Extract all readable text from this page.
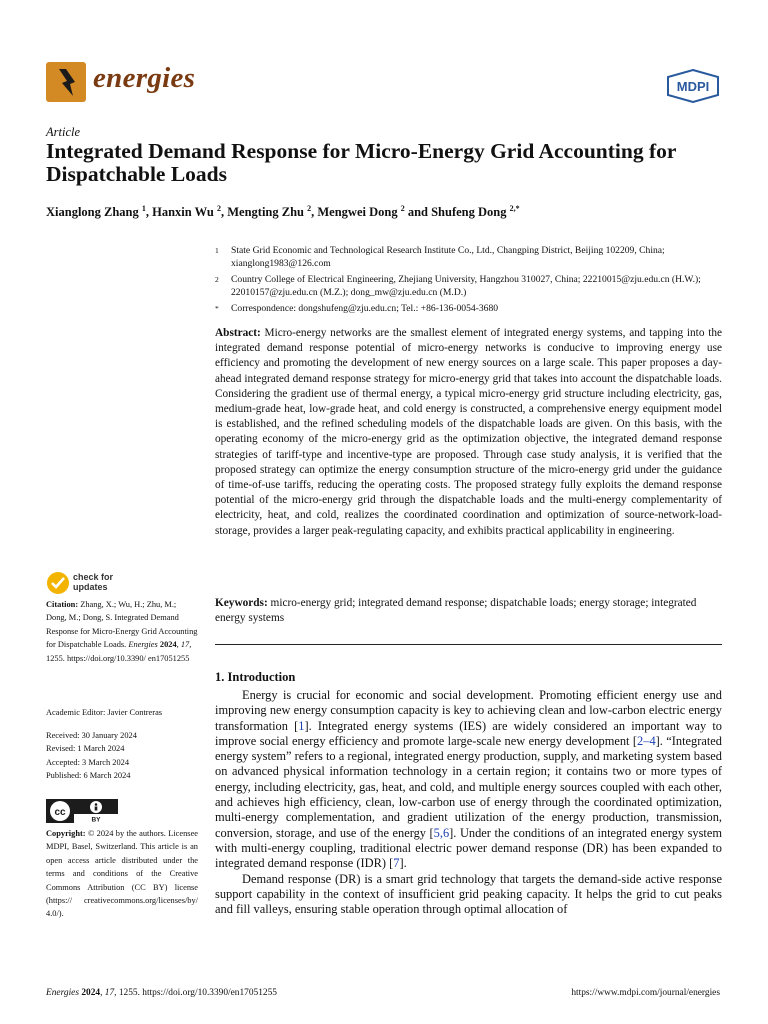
energies	MDPI
Article
Integrated Demand Response for Micro-Energy Grid Accounting for Dispatchable Loads
Xianglong Zhang $^1$, Hanxin Wu $^2$, Mengting Zhu $^2$, Mengwei Dong $^2$ and Shufeng Dong $^{2,*}$
1	State Grid Economic and Technological Research Institute Co., Ltd., Changping District, Beijing 102209, China; xianglong1983@126.com
2	Country College of Electrical Engineering, Zhejiang University, Hangzhou 310027, China; 22210015@zju.edu.cn (H.W.); 22010157@zju.edu.cn (M.Z.); dong_mw@zju.edu.cn (M.D.)
*	Correspondence: dongshufeng@zju.edu.cn; Tel.: +86-136-0054-3680
Abstract: Micro-energy networks are the smallest element of integrated energy systems, and tapping into the integrated demand response potential of micro-energy networks is conducive to improving energy use efficiency and promoting the development of new energy sources on a large scale. This paper proposes a day-ahead integrated demand response strategy for micro-energy grid that takes into account the dispatchable loads. Considering the gradient use of thermal energy, a typical micro-energy grid structure including electricity, gas, medium-grade heat, low-grade heat, and cold energy is constructed, a comprehensive energy equipment model is established, and the refined scheduling models of the dispatchable loads are given. On this basis, with the operating economy of the micro-energy grid as the optimization objective, the integrated demand response strategies of tariff-type and incentive-type are proposed. Through case study analysis, it is verified that the proposed strategy can optimize the energy consumption structure of the micro-energy grid under the guidance of time-of-use tariffs, reducing the operating costs. The proposed strategy fully exploits the demand response potential of the micro-energy grid through the dispatchable loads and the multi-energy complementarity of electricity, heat, and cold, realizes the coordinated coordination and optimization of source-network-load-storage, provides a larger peak-regulating capacity, and exhibits practical applicability in engineering.
Keywords: micro-energy grid; integrated demand response; dispatchable loads; energy storage; integrated energy systems
1. Introduction

Energy is crucial for economic and social development. Promoting efficient energy use and improving new energy consumption capacity is key to achieving clean and low-carbon electric energy transformation [1]. Integrated energy systems (IES) are widely considered an important way to improve social energy efficiency and promote large-scale new energy development [2–4]. “Integrated energy system” refers to a regional, integrated energy production, supply, and marketing system based on advanced physical information technology in a certain region; it contains two or more types of energy, including electricity, gas, heat, and cold, and multiple energy sources coupled with each other, and achieves high efficiency, clean, low-carbon use of energy through the coordinated optimization, multi-energy complementation, and gradient utilization of the energy production, transmission, conversion, storage, and use of the energy [5,6]. Under the conditions of an integrated energy system with multi-energy coupling, traditional electric power demand response (DR) has been expanded to integrated demand response (IDR) [7].

Demand response (DR) is a smart grid technology that targets the demand-side active response support capability in the context of insufficient grid peaking capacity. It helps the grid to cut peaks and fill valleys, ensuring stable operation through optimal allocation of

check for
updates
Citation: Zhang, X.; Wu, H.; Zhu, M.; Dong, M.; Dong, S. Integrated Demand Response for Micro-Energy Grid Accounting for Dispatchable Loads. Energies 2024, 17, 1255. https://doi.org/10.3390/ en17051255
Academic Editor: Javier Contreras
Received: 30 January 2024
Revised: 1 March 2024
Accepted: 3 March 2024
Published: 6 March 2024
cc
BY
Copyright: © 2024 by the authors. Licensee MDPI, Basel, Switzerland. This article is an open access article distributed under the terms and conditions of the Creative Commons Attribution (CC BY) license (https:// creativecommons.org/licenses/by/ 4.0/).
Energies 2024, 17, 1255. https://doi.org/10.3390/en17051255	https://www.mdpi.com/journal/energies
